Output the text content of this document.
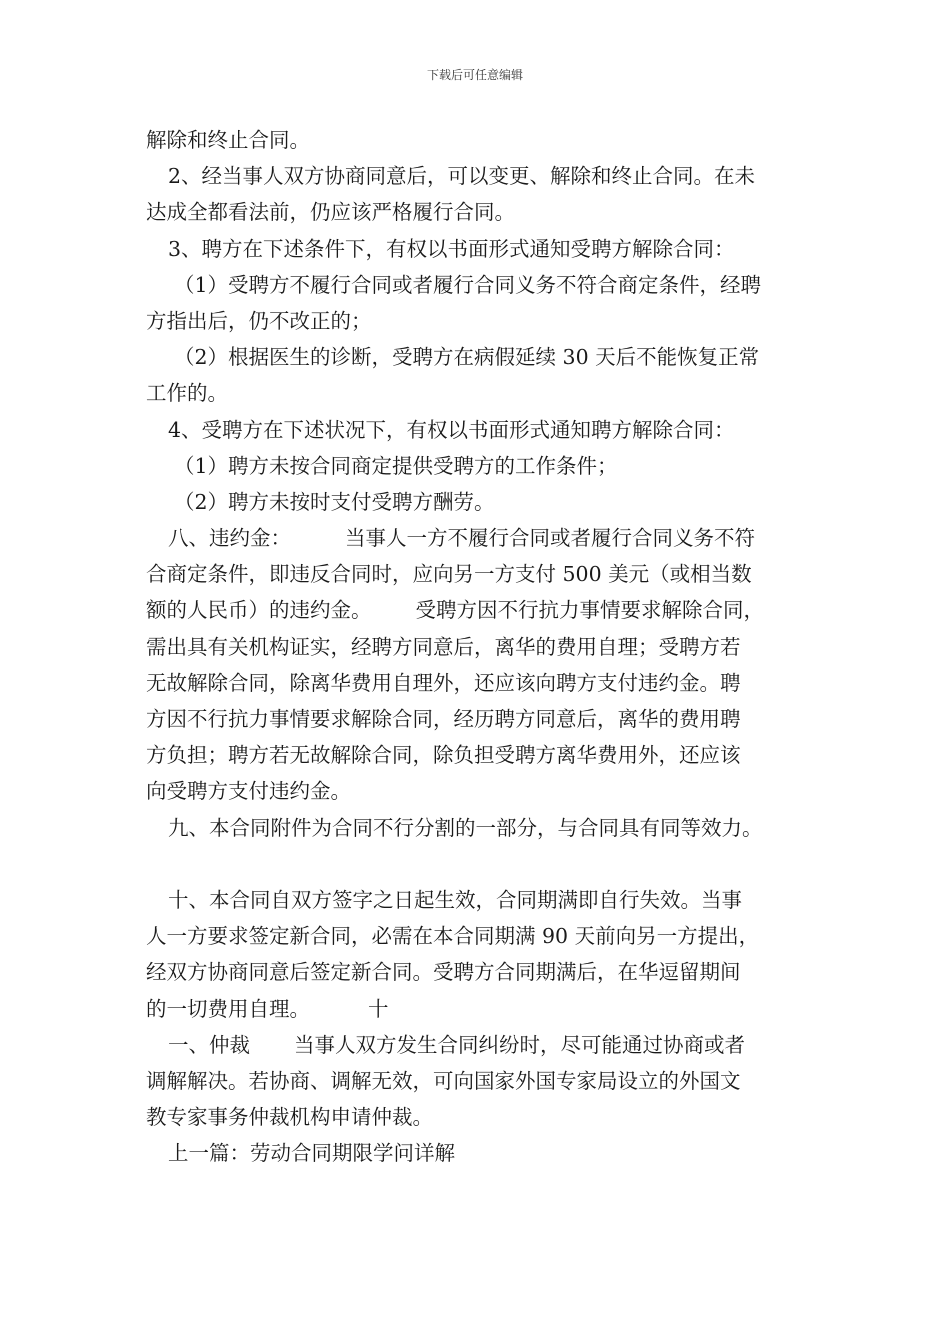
下载后可任意编辑
解除和终止合同。
2、经当事人双方协商同意后，可以变更、解除和终止合同。在未
达成全都看法前，仍应该严格履行合同。
3、聘方在下述条件下，有权以书面形式通知受聘方解除合同：
（1）受聘方不履行合同或者履行合同义务不符合商定条件，经聘
方指出后，仍不改正的；
（2）根据医生的诊断，受聘方在病假延续 30 天后不能恢复正常
工作的。
4、受聘方在下述状况下，有权以书面形式通知聘方解除合同：
（1）聘方未按合同商定提供受聘方的工作条件；
（2）聘方未按时支付受聘方酬劳。
八、违约金：	当事人一方不履行合同或者履行合同义务不符
合商定条件，即违反合同时，应向另一方支付 500 美元（或相当数
额的人民币）的违约金。 受聘方因不行抗力事情要求解除合同，
需出具有关机构证实，经聘方同意后，离华的费用自理；受聘方若
无故解除合同，除离华费用自理外，还应该向聘方支付违约金。聘
方因不行抗力事情要求解除合同，经历聘方同意后，离华的费用聘
方负担；聘方若无故解除合同，除负担受聘方离华费用外，还应该
向受聘方支付违约金。
九、本合同附件为合同不行分割的一部分，与合同具有同等效力。
十、本合同自双方签字之日起生效，合同期满即自行失效。当事
人一方要求签定新合同，必需在本合同期满 90 天前向另一方提出，
经双方协商同意后签定新合同。受聘方合同期满后，在华逗留期间
的一切费用自理。	十
一、仲裁 当事人双方发生合同纠纷时，尽可能通过协商或者
调解解决。若协商、调解无效，可向国家外国专家局设立的外国文
教专家事务仲裁机构申请仲裁。
上一篇：劳动合同期限学问详解
